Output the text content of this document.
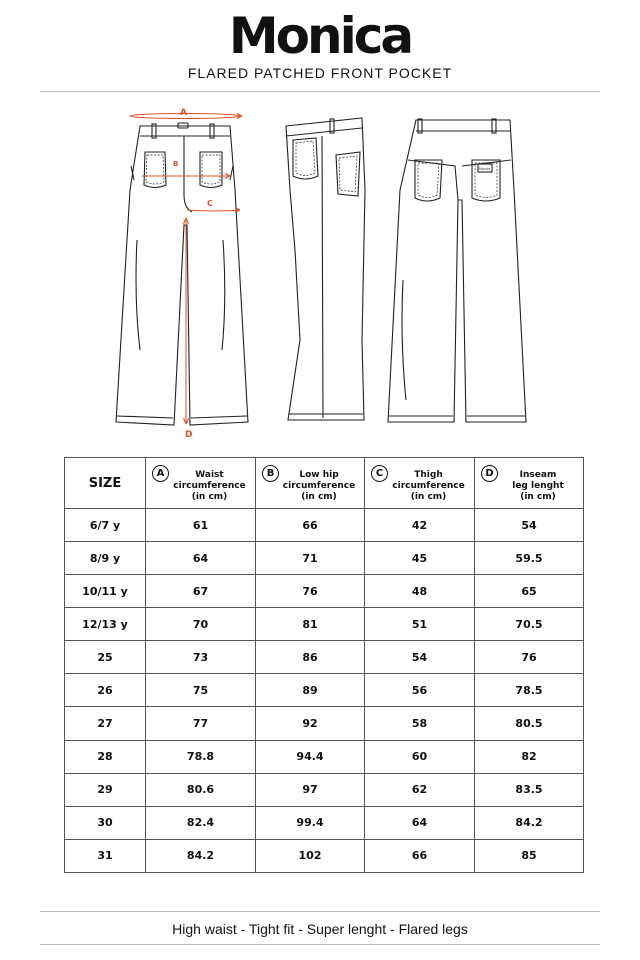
Monica
FLARED PATCHED FRONT POCKET
A
B
C
D
Monica
SIZE	A Waist
circumference
(in cm)	B Low hip
circumference
(in cm)	C Thigh
circumference
(in cm)	D Inseam
leg lenght
(in cm)

6/7 y	61	66	42	54
8/9 y	64	71	45	59.5
10/11 y	67	76	48	65
12/13 y	70	81	51	70.5
25	73	86	54	76
26	75	89	56	78.5
27	77	92	58	80.5
28	78.8	94.4	60	82
29	80.6	97	62	83.5
30	82.4	99.4	64	84.2
31	84.2	102	66	85
High waist - Tight fit - Super lenght - Flared legs
